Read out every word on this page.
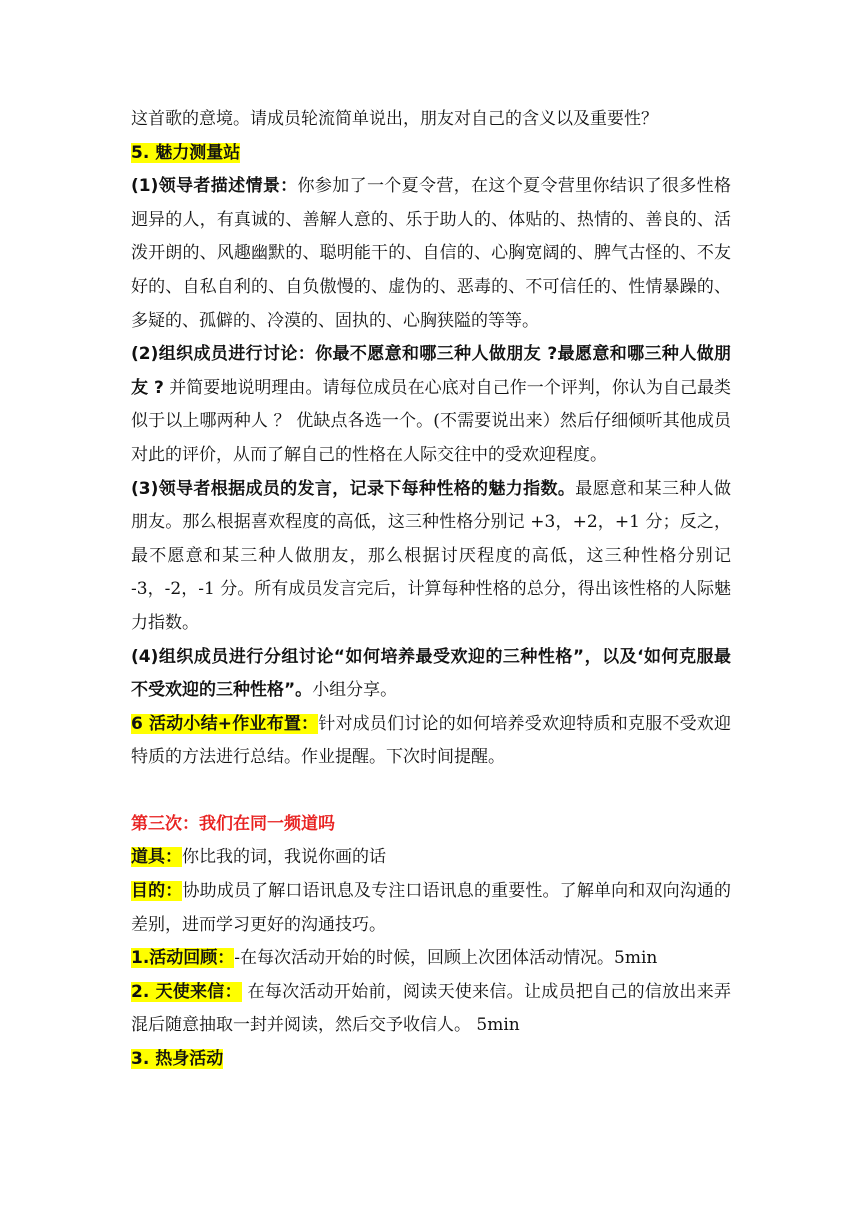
这首歌的意境。请成员轮流简单说出，朋友对自己的含义以及重要性？

5. 魅力测量站

(1)领导者描述情景：你参加了一个夏令营，在这个夏令营里你结识了很多性格迥异的人，有真诚的、善解人意的、乐于助人的、体贴的、热情的、善良的、活泼开朗的、风趣幽默的、聪明能干的、自信的、心胸宽阔的、脾气古怪的、不友好的、自私自利的、自负傲慢的、虚伪的、恶毒的、不可信任的、性情暴躁的、多疑的、孤僻的、冷漠的、固执的、心胸狭隘的等等。

(2)组织成员进行讨论：你最不愿意和哪三种人做朋友 ?最愿意和哪三种人做朋友 ? 并简要地说明理由。请每位成员在心底对自己作一个评判，你认为自己最类似于以上哪两种人 ？ 优缺点各选一个。(不需要说出来）然后仔细倾听其他成员对此的评价，从而了解自己的性格在人际交往中的受欢迎程度。

(3)领导者根据成员的发言，记录下每种性格的魅力指数。最愿意和某三种人做朋友。那么根据喜欢程度的高低，这三种性格分别记 +3，+2，+1 分；反之，最不愿意和某三种人做朋友，那么根据讨厌程度的高低，这三种性格分别记 -3，-2，-1 分。所有成员发言完后，计算每种性格的总分，得出该性格的人际魅力指数。

(4)组织成员进行分组讨论“如何培养最受欢迎的三种性格”，以及‘如何克服最不受欢迎的三种性格”。小组分享。

6 活动小结+作业布置：针对成员们讨论的如何培养受欢迎特质和克服不受欢迎特质的方法进行总结。作业提醒。下次时间提醒。

第三次：我们在同一频道吗

道具：你比我的词，我说你画的话

目的：协助成员了解口语讯息及专注口语讯息的重要性。了解单向和双向沟通的差别，进而学习更好的沟通技巧。

1.活动回顾：-在每次活动开始的时候，回顾上次团体活动情况。5min

2. 天使来信： 在每次活动开始前，阅读天使来信。让成员把自己的信放出来弄混后随意抽取一封并阅读，然后交予收信人。 5min

3. 热身活动
